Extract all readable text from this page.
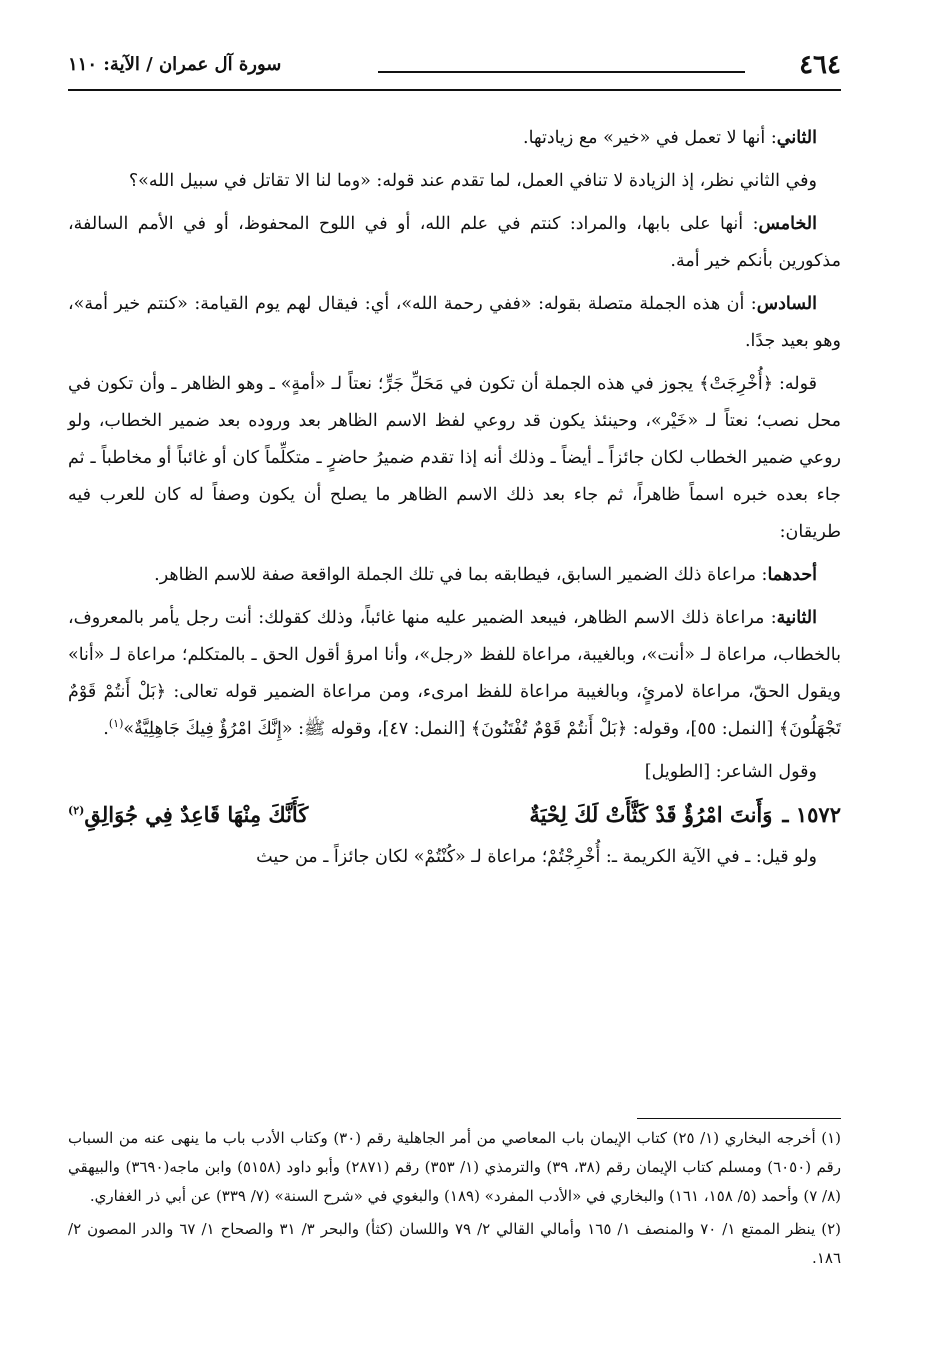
٤٦٤
سورة آل عمران / الآية: ١١٠

الثاني: أنها لا تعمل في «خير» مع زيادتها.

وفي الثاني نظر، إذ الزيادة لا تنافي العمل، لما تقدم عند قوله: «وما لنا الا تقاتل في سبيل الله»؟

الخامس: أنها على بابها، والمراد: كنتم في علم الله، أو في اللوح المحفوظ، أو في الأمم السالفة، مذكورين بأنكم خير أمة.

السادس: أن هذه الجملة متصلة بقوله: «ففي رحمة الله»، أي: فيقال لهم يوم القيامة: «كنتم خير أمة»، وهو بعيد جدًا.

قوله: ﴿أُخْرِجَتْ﴾ يجوز في هذه الجملة أن تكون في مَحَلِّ جَرٍّ؛ نعتاً لـ «أمةٍ» ـ وهو الظاهر ـ وأن تكون في محل نصب؛ نعتاً لـ «خَيْر»، وحينئذ يكون قد روعي لفظ الاسم الظاهر بعد وروده بعد ضمير الخطاب، ولو روعي ضمير الخطاب لكان جائزاً ـ أيضاً ـ وذلك أنه إذا تقدم ضميرُ حاضرٍ ـ متكلِّماً كان أو غائباً أو مخاطباً ـ ثم جاء بعده خبره اسماً ظاهراً، ثم جاء بعد ذلك الاسم الظاهر ما يصلح أن يكون وصفاً له كان للعرب فيه طريقان:

أحدهما: مراعاة ذلك الضمير السابق، فيطابقه بما في تلك الجملة الواقعة صفة للاسم الظاهر.

الثانية: مراعاة ذلك الاسم الظاهر، فيبعد الضمير عليه منها غائباً، وذلك كقولك: أنت رجل يأمر بالمعروف، بالخطاب، مراعاة لـ «أنت»، وبالغيبة، مراعاة للفظ «رجل»، وأنا امرؤ أقول الحق ـ بالمتكلم؛ مراعاة لـ «أنا» ويقول الحقّ، مراعاة لامرئٍ، وبالغيبة مراعاة للفظ امرىء، ومن مراعاة الضمير قوله تعالى: ﴿بَلْ أَنتُمْ قَوْمٌ تَجْهَلُونَ﴾ [النمل: ٥٥]، وقوله: ﴿بَلْ أَنتُمْ قَوْمٌ تُفْتَنُونَ﴾ [النمل: ٤٧]، وقوله ﷺ: «إِنَّكَ امْرُؤٌ فِيكَ جَاهِلِيَّةٌ»$^{(١)}$.

وقول الشاعر: [الطويل]

١٥٧٢ ـ
وَأَنتَ امْرُؤٌ قَدْ كَثَّأَتْ لَكَ لِحْيَةٌ
كَأَنَّكَ مِنْهَا قَاعِدٌ فِي جُوَالِقِ$^{(٢)}$

ولو قيل: ـ في الآية الكريمة ـ: أُخْرِجْتُمْ؛ مراعاة لـ «كُنْتُمْ» لكان جائزاً ـ من حيث

(١) أخرجه البخاري (١/ ٢٥) كتاب الإيمان باب المعاصي من أمر الجاهلية رقم (٣٠) وكتاب الأدب باب ما ينهى عنه من السباب رقم (٦٠٥٠) ومسلم كتاب الإيمان رقم (٣٨، ٣٩) والترمذي (١/ ٣٥٣) رقم (٢٨٧١) وأبو داود (٥١٥٨) وابن ماجه(٣٦٩٠) والبيهقي (٨/ ٧) وأحمد (٥/ ١٥٨، ١٦١) والبخاري في «الأدب المفرد» (١٨٩) والبغوي في «شرح السنة» (٧/ ٣٣٩) عن أبي ذر الغفاري.

(٢) ينظر الممتع ١/ ٧٠ والمنصف ١/ ١٦٥ وأمالي القالي ٢/ ٧٩ واللسان (كثأ) والبحر ٣/ ٣١ والصحاح ١/ ٦٧ والدر المصون ٢/ ١٨٦.
